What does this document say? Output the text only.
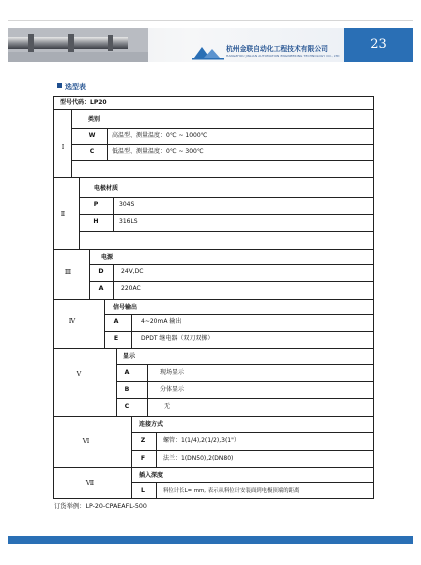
杭州金联自动化工程技术有限公司
HANGZHOU JINLIAN AUTOMATION ENGINEERING TECHNOLOGY CO., LTD
23
选型表
型号代码：LP20
Ⅰ
类别
W	高温型、测量温度：0℃ ~ 1000℃
C	低温型、测量温度：0℃ ~ 300℃
Ⅱ
电极材质
P	304S
H	316LS
Ⅲ
电源
D	24V,DC
A	220AC
Ⅳ
信号输出
A	4~20mA 输出
E	DPDT 继电器（双刀双掷）
Ⅴ
显示
A	现场显示
B	分体显示
C	无
Ⅵ
连接方式
Z	螺管：1(1/4),2(1/2),3(1"）
F	法兰：1(DN50),2(DN80)
Ⅶ
插入深度
L	料位计长L= mm, 表示从料位计安装面到电极顶端的距离
订货举例：LP-20-CPAEAFL-500
